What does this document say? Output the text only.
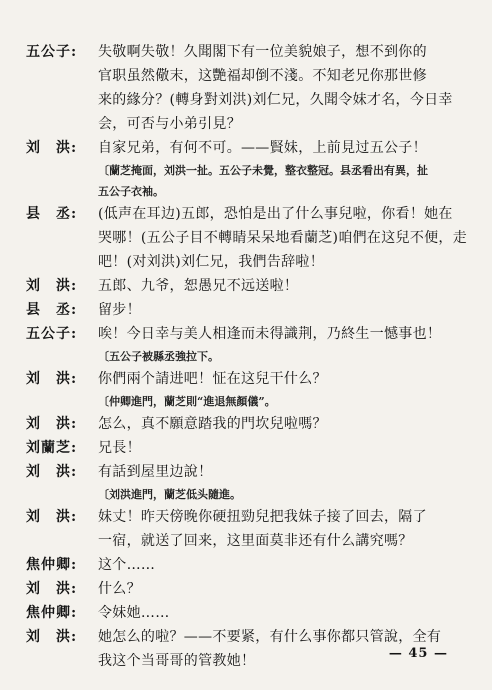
五公子:	失敬啊失敬！久聞閣下有一位美貌娘子，想不到你的
官职虽然儆末，这艷福却倒不淺。不知老兄你那世修
来的緣分？(轉身對刘洪)刘仁兄，久聞令妹才名，今日幸
会，可否与小弟引見？
刘　洪:	自家兄弟，有何不可。——賢妹，上前見过五公子！
〔蘭芝掩面，刘洪一扯。五公子未覺，整衣整冠。县丞看出有異，扯
五公子衣袖。
县　丞:	(低声在耳边)五郎，恐怕是出了什么事兒啦，你看！她在
哭哪！(五公子目不轉睛呆呆地看蘭芝)咱們在这兒不便，走
吧！(对刘洪)刘仁兄，我們告辞啦！
刘　洪:	五郎、九爷，恕愚兄不远送啦！
县　丞:	留步！
五公子:	唉！今日幸与美人相逢而未得識荆，乃終生一憾事也！
〔五公子被縣丞強拉下。
刘　洪:	你們兩个請进吧！怔在这兒干什么？
〔仲卿進門，蘭芝則“進退無顏儀”。
刘　洪:	怎么，真不願意踏我的門坎兒啦嗎？
刘蘭芝:	兄長！
刘　洪:	有話到屋里边說！
〔刘洪進門，蘭芝低头隨進。
刘　洪:	妹丈！昨天傍晚你硬扭勁兒把我妹子接了回去，隔了
一宿，就送了回来，这里面莫非还有什么講究嗎？
焦仲卿:	这个……
刘　洪:	什么？
焦仲卿:	令妹她……
刘　洪:	她怎么的啦？——不要紧，有什么事你都只管說，全有
我这个当哥哥的管教她！	— 45 —
